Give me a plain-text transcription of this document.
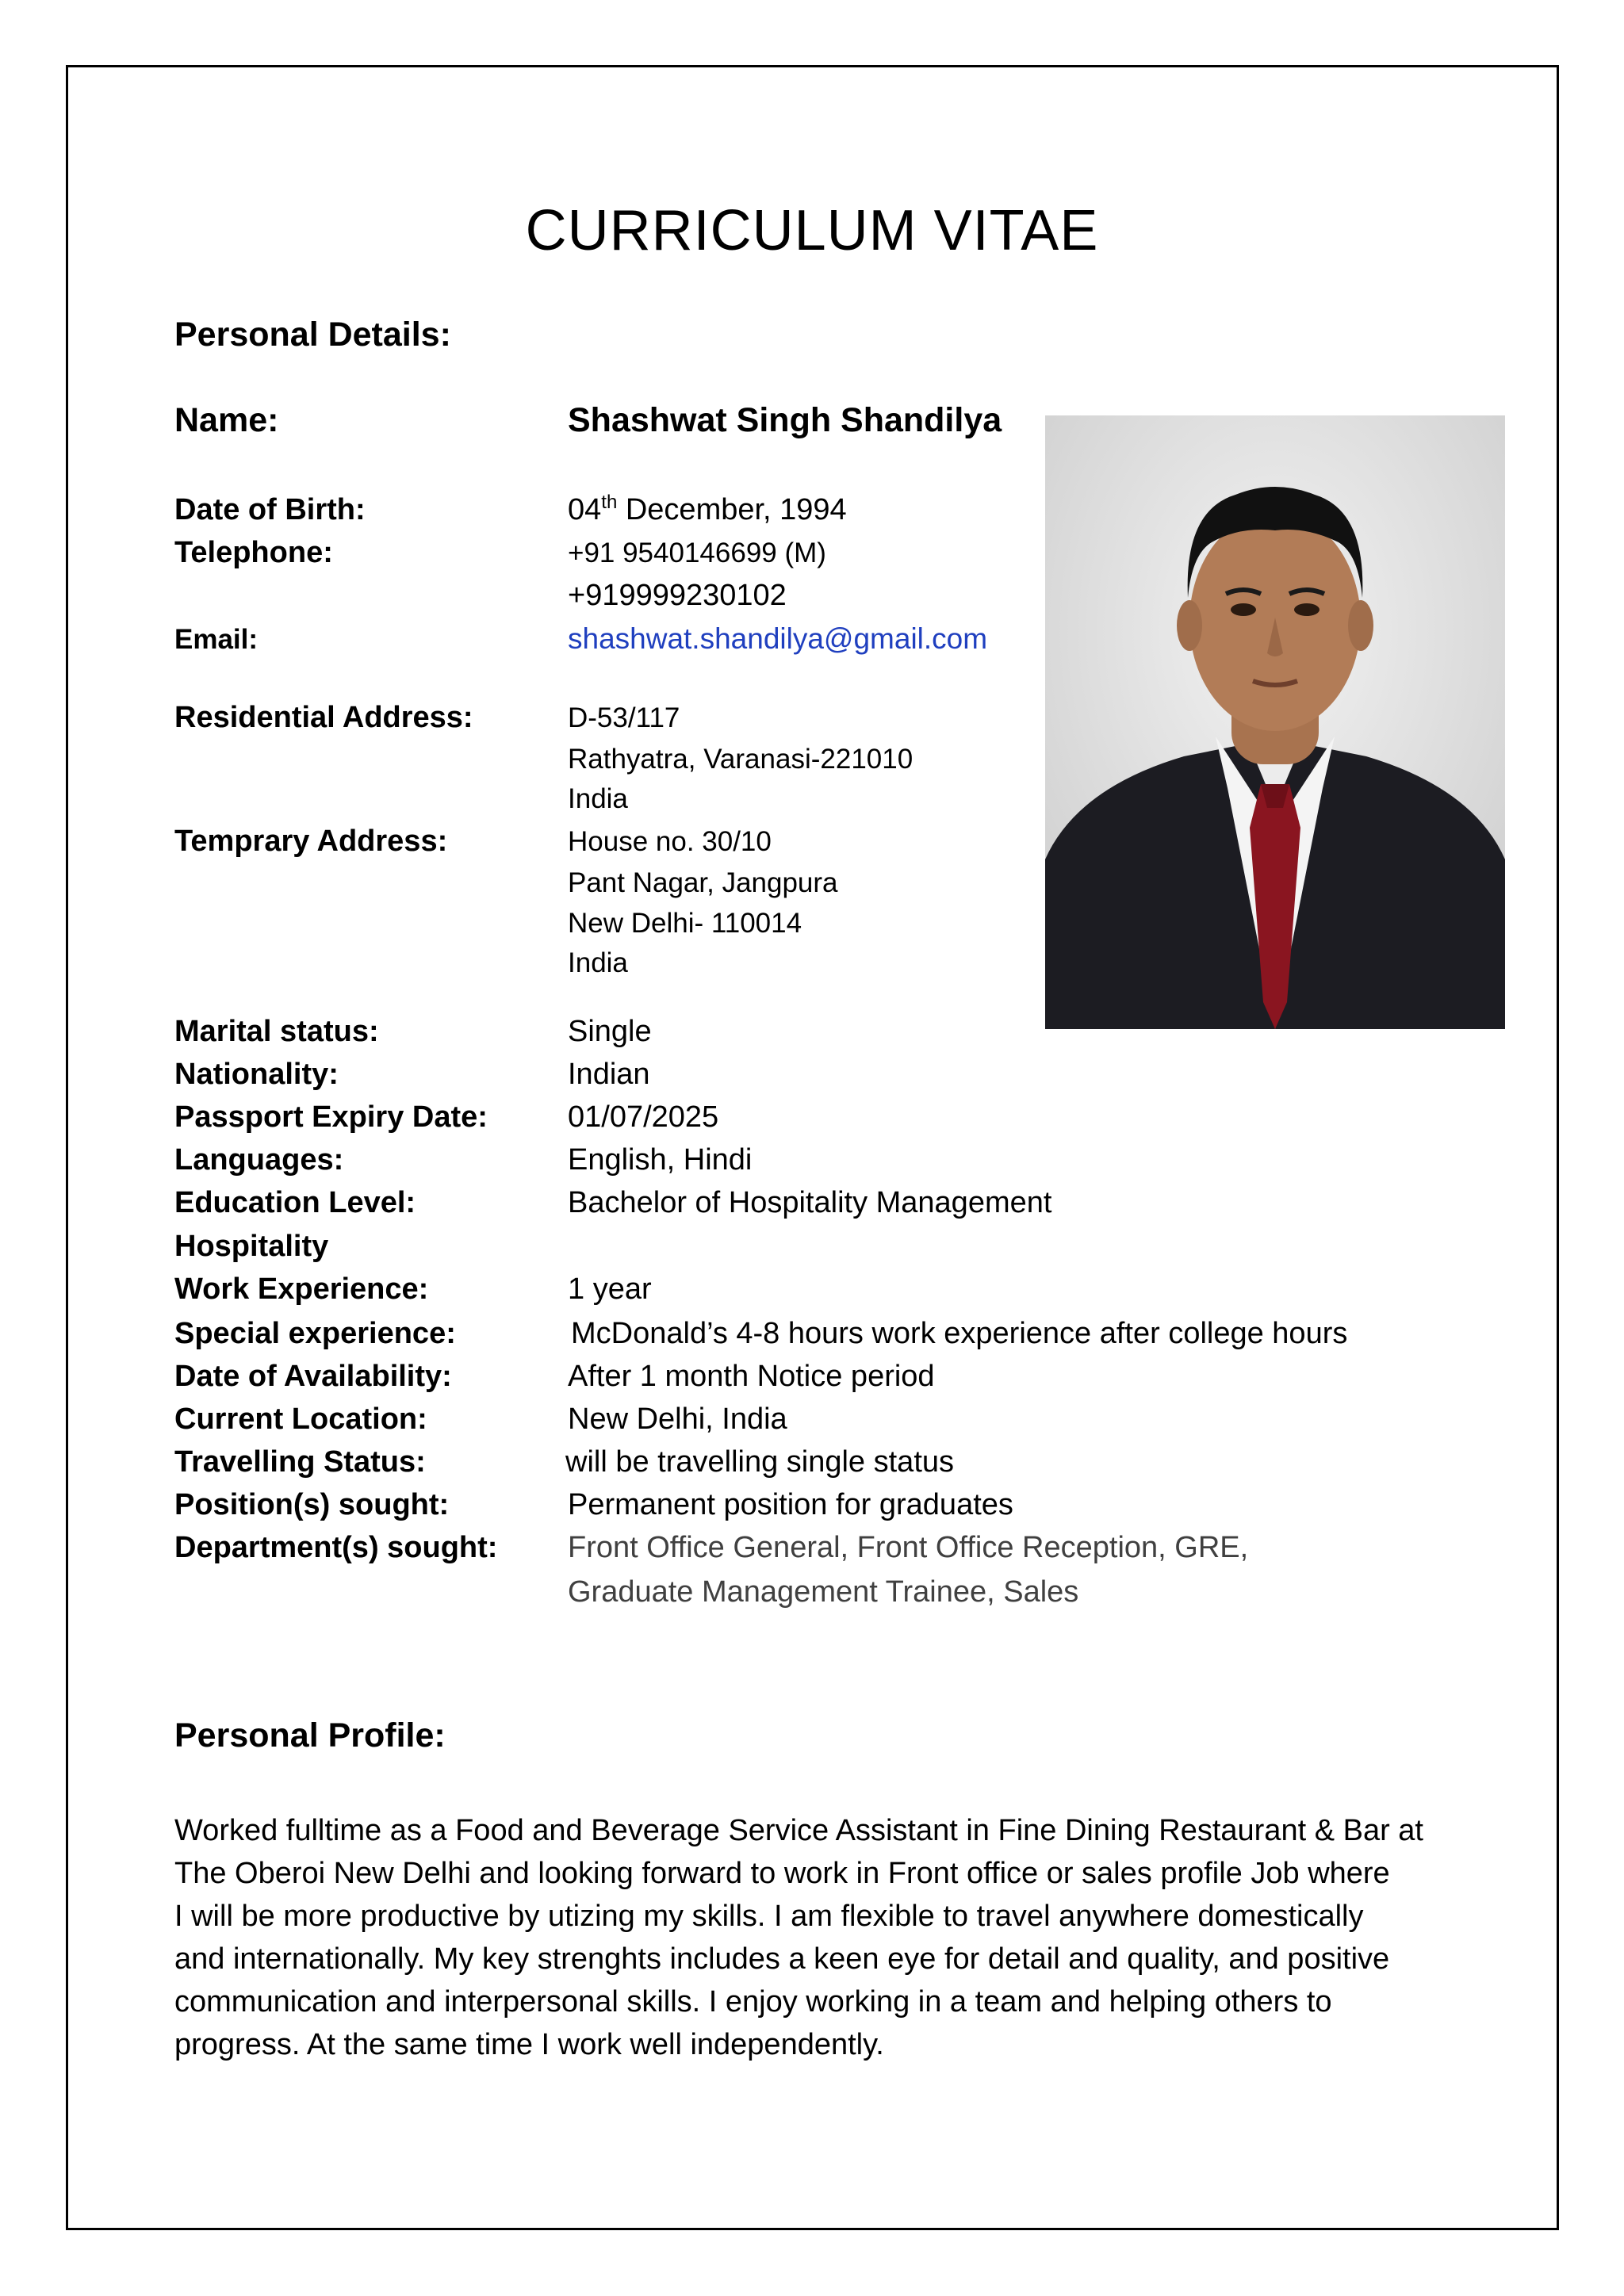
CURRICULUM VITAE
Personal Details:
Name:	Shashwat Singh Shandilya
Date of Birth:	04th December, 1994
Telephone:	+91 9540146699 (M)
+919999230102
Email:	shashwat.shandilya@gmail.com
Residential Address:	D-53/117
Rathyatra, Varanasi-221010
India
Temprary Address:	House no. 30/10
Pant Nagar, Jangpura
New Delhi- 110014
India
Marital status:	Single
Nationality:	Indian
Passport Expiry Date:	01/07/2025
Languages:	English, Hindi
Education Level:	Bachelor of Hospitality Management
Hospitality
Work Experience:	1 year
Special experience:	McDonald’s 4-8 hours work experience after college hours
Date of Availability:	After 1 month Notice period
Current Location:	New Delhi, India
Travelling Status:	will be travelling single status
Position(s) sought:	Permanent position for graduates
Department(s) sought: Front Office General, Front Office Reception, GRE,
Graduate Management Trainee, Sales
Personal Profile:
Worked fulltime as a Food and Beverage Service Assistant in Fine Dining Restaurant & Bar at
The Oberoi New Delhi and looking forward to work in Front office or sales profile Job where
I will be more productive by utizing my skills. I am flexible to travel anywhere domestically
and internationally. My key strenghts includes a keen eye for detail and quality, and positive
communication and interpersonal skills. I enjoy working in a team and helping others to
progress. At the same time I work well independently.
